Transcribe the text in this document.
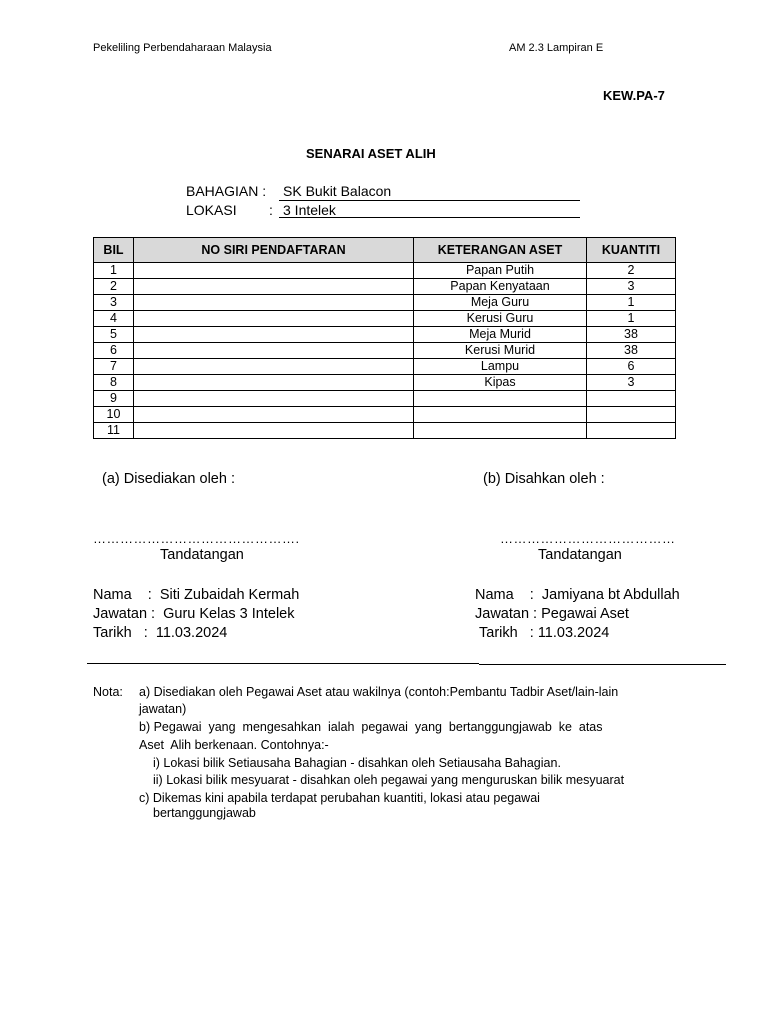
Pekeliling Perbendaharaan Malaysia	AM 2.3 Lampiran E
KEW.PA-7
SENARAI ASET ALIH
BAHAGIAN : SK Bukit Balacon
LOKASI : 3 Intelek
BIL	NO SIRI PENDAFTARAN	KETERANGAN ASET	KUANTITI
1		Papan Putih	2
2		Papan Kenyataan	3
3		Meja Guru	1
4		Kerusi Guru	1
5		Meja Murid	38
6		Kerusi Murid	38
7		Lampu	6
8		Kipas	3
9			
10			
11			
(a) Disediakan oleh :	(b) Disahkan oleh :
……………………………………….	…………………………………
Tandatangan	Tandatangan
Nama    :  Siti Zubaidah Kermah
Jawatan :  Guru Kelas 3 Intelek
Tarikh   :  11.03.2024
Nama    :  Jamiyana bt Abdullah
Jawatan : Pegawai Aset
Tarikh   : 11.03.2024
Nota: a) Disediakan oleh Pegawai Aset atau wakilnya (contoh:Pembantu Tadbir Aset/lain-lain
jawatan)
b) Pegawai  yang  mengesahkan  ialah  pegawai  yang  bertanggungjawab  ke  atas
Aset  Alih berkenaan. Contohnya:-
i) Lokasi bilik Setiausaha Bahagian - disahkan oleh Setiausaha Bahagian.
ii) Lokasi bilik mesyuarat - disahkan oleh pegawai yang menguruskan bilik mesyuarat
c) Dikemas kini apabila terdapat perubahan kuantiti, lokasi atau pegawai
bertanggungjawab
